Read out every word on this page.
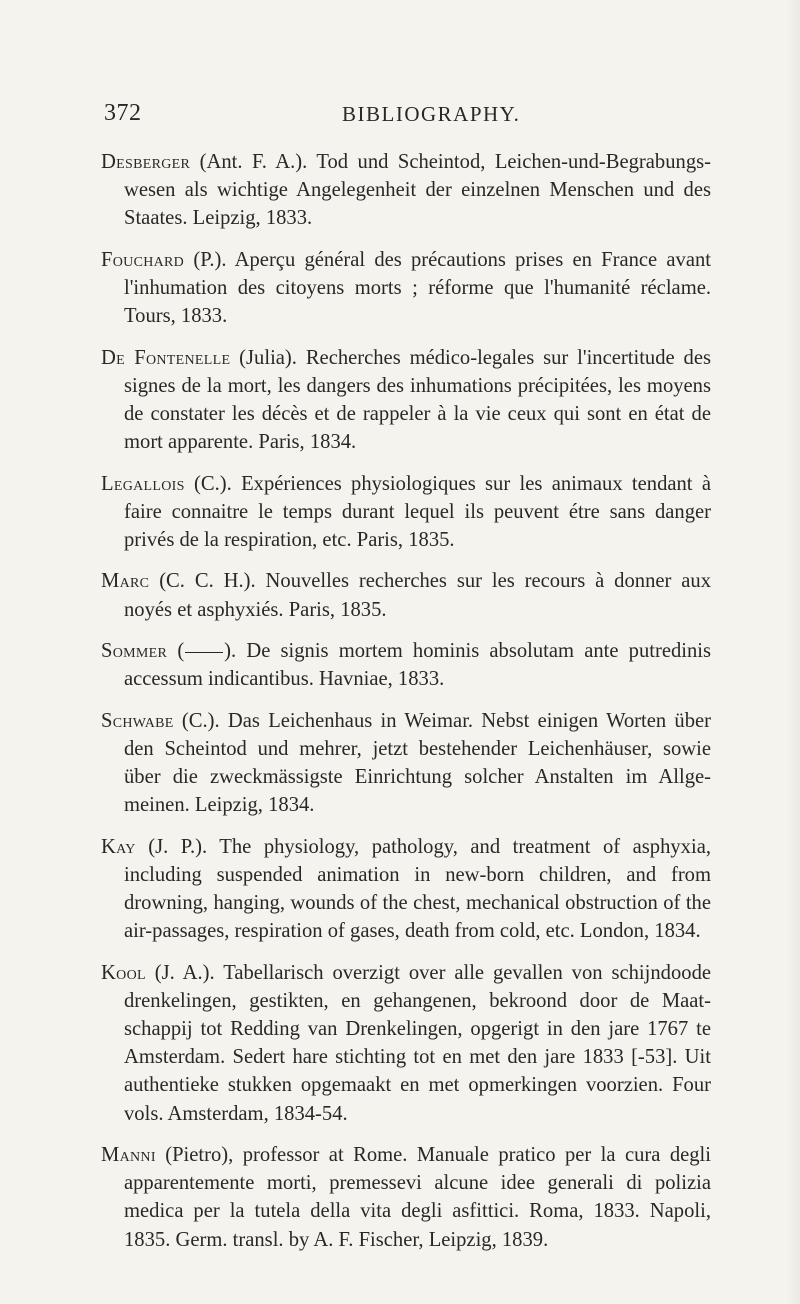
372	BIBLIOGRAPHY.

Desberger (Ant. F. A.). Tod und Scheintod, Leichen-und-Begrabungs-wesen als wichtige Angelegenheit der einzelnen Menschen und des Staates. Leipzig, 1833.

Fouchard (P.). Aperçu général des précautions prises en France avant l'inhumation des citoyens morts ; réforme que l'humanité réclame. Tours, 1833.

De Fontenelle (Julia). Recherches médico-legales sur l'incertitude des signes de la mort, les dangers des inhumations précipitées, les moyens de constater les décès et de rappeler à la vie ceux qui sont en état de mort apparente. Paris, 1834.

Legallois (C.). Expériences physiologiques sur les animaux tendant à faire connaitre le temps durant lequel ils peuvent étre sans danger privés de la respiration, etc. Paris, 1835.

Marc (C. C. H.). Nouvelles recherches sur les recours à donner aux noyés et asphyxiés. Paris, 1835.

Sommer ( ). De signis mortem hominis absolutam ante putredinis accessum indicantibus. Havniae, 1833.

Schwabe (C.). Das Leichenhaus in Weimar. Nebst einigen Worten über den Scheintod und mehrer, jetzt bestehender Leichenhäuser, sowie über die zweckmässigste Einrichtung solcher Anstalten im Allge-meinen. Leipzig, 1834.

Kay (J. P.). The physiology, pathology, and treatment of asphyxia, including suspended animation in new-born children, and from drowning, hanging, wounds of the chest, mechanical obstruction of the air-passages, respiration of gases, death from cold, etc. London, 1834.

Kool (J. A.). Tabellarisch overzigt over alle gevallen von schijndoode drenkelingen, gestikten, en gehangenen, bekroond door de Maat-schappij tot Redding van Drenkelingen, opgerigt in den jare 1767 te Amsterdam. Sedert hare stichting tot en met den jare 1833 [-53]. Uit authentieke stukken opgemaakt en met opmerkingen voorzien. Four vols. Amsterdam, 1834-54.

Manni (Pietro), professor at Rome. Manuale pratico per la cura degli apparentemente morti, premessevi alcune idee generali di polizia medica per la tutela della vita degli asfittici. Roma, 1833. Napoli, 1835. Germ. transl. by A. F. Fischer, Leipzig, 1839.
